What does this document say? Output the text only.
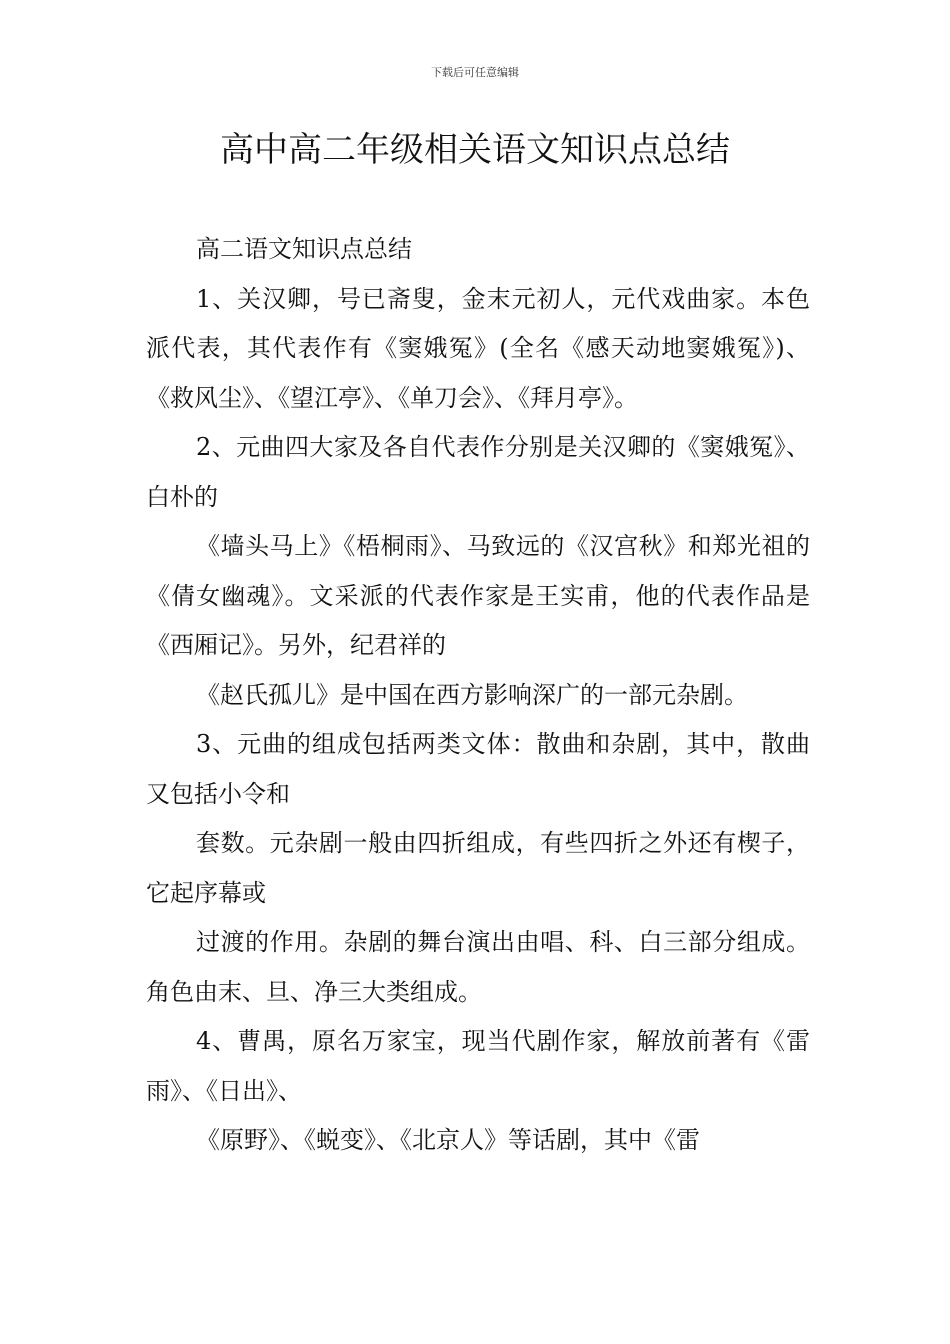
下载后可任意编辑
高中高二年级相关语文知识点总结

高二语文知识点总结

1、关汉卿，号已斋叟，金末元初人，元代戏曲家。本色派代表，其代表作有《窦娥冤》(全名《感天动地窦娥冤》)、《救风尘》、《望江亭》、《单刀会》、《拜月亭》。

2、元曲四大家及各自代表作分别是关汉卿的《窦娥冤》、白朴的

《墙头马上》《梧桐雨》、马致远的《汉宫秋》和郑光祖的《倩女幽魂》。文采派的代表作家是王实甫，他的代表作品是《西厢记》。另外，纪君祥的

《赵氏孤儿》是中国在西方影响深广的一部元杂剧。

3、元曲的组成包括两类文体：散曲和杂剧，其中，散曲又包括小令和

套数。元杂剧一般由四折组成，有些四折之外还有楔子，它起序幕或

过渡的作用。杂剧的舞台演出由唱、科、白三部分组成。角色由末、旦、净三大类组成。

4、曹禺，原名万家宝，现当代剧作家，解放前著有《雷雨》、《日出》、

《原野》、《蜕变》、《北京人》等话剧，其中《雷
